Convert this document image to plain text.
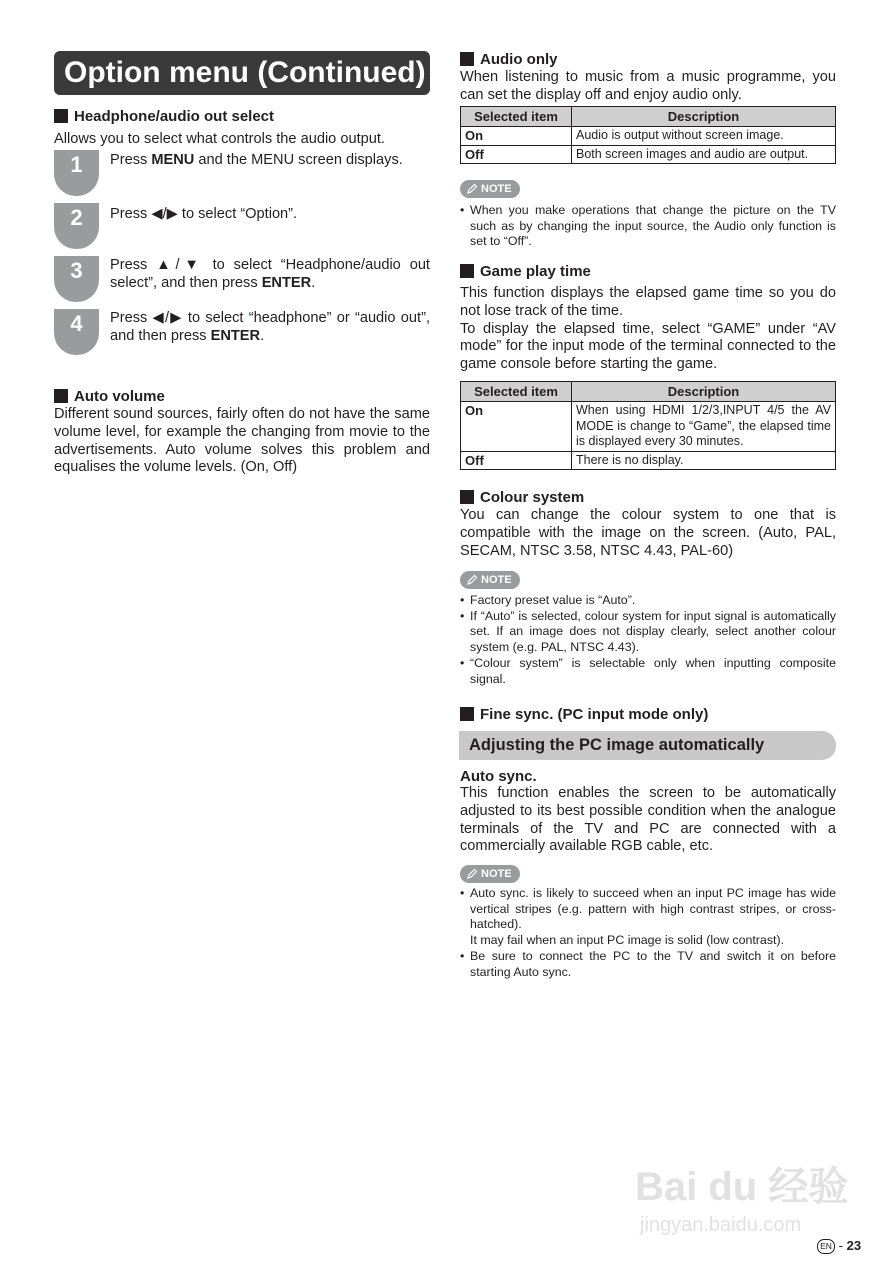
Option menu (Continued)
Headphone/audio out select
Allows you to select what controls the audio output.
1	Press MENU and the MENU screen displays.
2	Press ◀/▶ to select “Option”.
3	Press ▲/▼ to select “Headphone/audio out select”, and then press ENTER.
4	Press ◀/▶ to select “headphone” or “audio out”, and then press ENTER.
Auto volume
Different sound sources, fairly often do not have the same volume level, for example the changing from movie to the advertisements. Auto volume solves this problem and equalises the volume levels. (On, Off)
Audio only
When listening to music from a music programme, you can set the display off and enjoy audio only.
Selected item	Description
On	Audio is output without screen image.
Off	Both screen images and audio are output.
NOTE
• When you make operations that change the picture on the TV such as by changing the input source, the Audio only function is set to “Off”.
Game play time

This function displays the elapsed game time so you do not lose track of the time.

To display the elapsed time, select “GAME” under “AV mode” for the input mode of the terminal connected to the game console before starting the game.

Selected item	Description
On	When using HDMI 1/2/3,INPUT 4/5 the AV MODE is change to “Game”, the elapsed time is displayed every 30 minutes.
Off	There is no display.
Colour system
You can change the colour system to one that is compatible with the image on the screen. (Auto, PAL, SECAM, NTSC 3.58, NTSC 4.43, PAL-60)
NOTE
• Factory preset value is “Auto”.
• If “Auto” is selected, colour system for input signal is automatically set. If an image does not display clearly, select another colour system (e.g. PAL, NTSC 4.43).
• “Colour system” is selectable only when inputting composite signal.
Fine sync. (PC input mode only)
Adjusting the PC image automatically
Auto sync.
This function enables the screen to be automatically adjusted to its best possible condition when the analogue terminals of the TV and PC are connected with a commercially available RGB cable, etc.
NOTE
• Auto sync. is likely to succeed when an input PC image has wide vertical stripes (e.g. pattern with high contrast stripes, or cross-hatched).
It may fail when an input PC image is solid (low contrast).
• Be sure to connect the PC to the TV and switch it on before starting Auto sync.
Bai du 经验
jingyan.baidu.com
EN - 23
